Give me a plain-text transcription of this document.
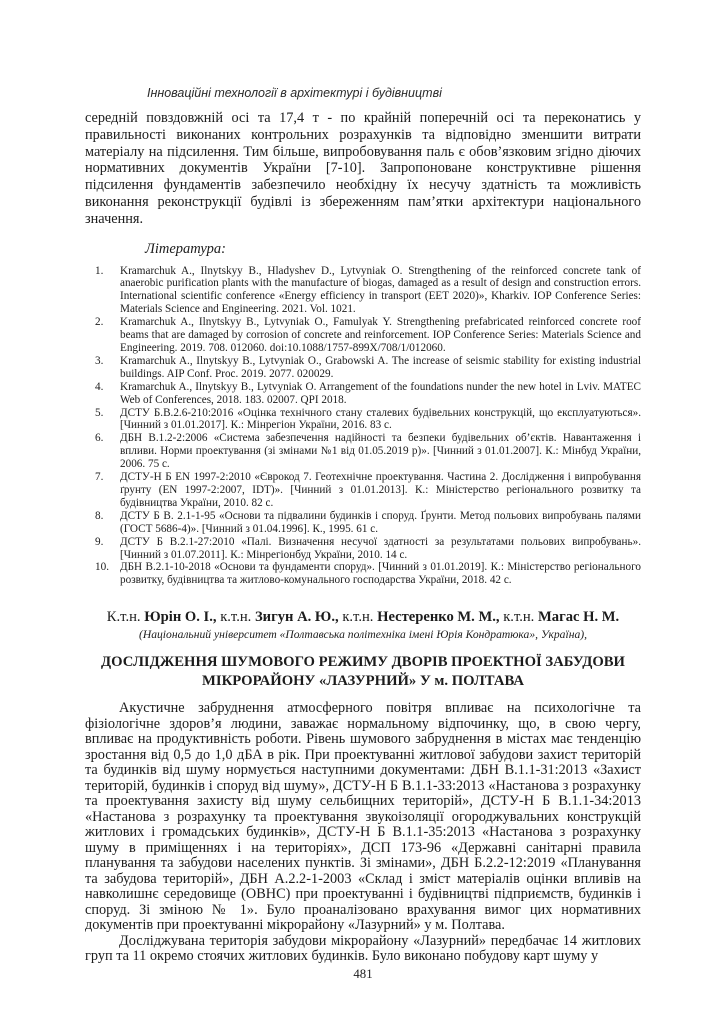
Інноваційні технології в архітектурі і будівництві

середній повздовжній осі та 17,4 т - по крайній поперечній осі та переконатись у правильності виконаних контрольних розрахунків та відповідно зменшити витрати матеріалу на підсилення. Тим більше, випробовування паль є обов’язковим згідно діючих нормативних документів України [7-10]. Запропоноване конструктивне рішення підсилення фундаментів забезпечило необхідну їх несучу здатність та можливість виконання реконструкції будівлі із збереженням пам’ятки архітектури національного значення.

Література:

1.	Kramarchuk A., Ilnytskyy B., Hladyshev D., Lytvyniak O. Strengthening of the reinforced concrete tank of anaerobic purification plants with the manufacture of biogas, damaged as a result of design and construction errors. International scientific conference «Energy efficiency in transport (EET 2020)», Kharkiv. IOP Conference Series: Materials Science and Engineering. 2021. Vol. 1021.
2.	Kramarchuk A., Ilnytskyy B., Lytvyniak O., Famulyak Y. Strengthening prefabricated reinforced concrete roof beams that are damaged by corrosion of concrete and reinforcement. IOP Conference Series: Materials Science and Engineering. 2019. 708. 012060. doi:10.1088/1757-899X/708/1/012060.
3.	Kramarchuk A., Ilnytskyy B., Lytvyniak O., Grabowski A. The increase of seismic stability for existing industrial buildings. AIP Conf. Proc. 2019. 2077. 020029.
4.	Kramarchuk A., Ilnytskyy B., Lytvyniak O. Arrangement of the foundations nunder the new hotel in Lviv. MATEC Web of Conferences, 2018. 183. 02007. QPI 2018.
5.	ДСТУ Б.В.2.6-210:2016 «Оцінка технічного стану сталевих будівельних конструкцій, що експлуатуються». [Чинний з 01.01.2017]. К.: Мінрегіон України, 2016. 83 с.
6.	ДБН В.1.2-2:2006 «Система забезпечення надійності та безпеки будівельних об’єктів. Навантаження і впливи. Норми проектування (зі змінами №1 від 01.05.2019 р)». [Чинний з 01.01.2007]. К.: Мінбуд України, 2006. 75 с.
7.	ДСТУ-Н Б EN 1997-2:2010 «Єврокод 7. Геотехнічне проектування. Частина 2. Дослідження і випробування ґрунту (EN 1997-2:2007, IDT)». [Чинний з 01.01.2013]. К.: Міністерство регіонального розвитку та будівництва України, 2010. 82 с.
8.	ДСТУ Б В. 2.1-1-95 «Основи та підвалини будинків і споруд. Ґрунти. Метод польових випробувань палями (ГОСТ 5686-4)». [Чинний з 01.04.1996]. К., 1995. 61 с.
9.	ДСТУ Б В.2.1-27:2010 «Палі. Визначення несучої здатності за результатами польових випробувань». [Чинний з 01.07.2011]. К.: Мінрегіонбуд України, 2010. 14 с.
10. ДБН В.2.1-10-2018 «Основи та фундаменти споруд». [Чинний з 01.01.2019]. К.: Міністерство регіонального розвитку, будівництва та житлово-комунального господарства України, 2018. 42 с.

К.т.н. Юрін О. І., к.т.н. Зигун А. Ю., к.т.н. Нестеренко М. М., к.т.н. Магас Н. М.

(Національний університет «Полтавська політехніка імені Юрія Кондратюка», Україна),

ДОСЛІДЖЕННЯ ШУМОВОГО РЕЖИМУ ДВОРІВ ПРОЕКТНОЇ ЗАБУДОВИ МІКРОРАЙОНУ «ЛАЗУРНИЙ» У м. ПОЛТАВА

Акустичне забруднення атмосферного повітря впливає на психологічне та фізіологічне здоров’я людини, заважає нормальному відпочинку, що, в свою чергу, впливає на продуктивність роботи. Рівень шумового забруднення в містах має тенденцію зростання від 0,5 до 1,0 дБА в рік. При проектуванні житлової забудови захист територій та будинків від шуму нормується наступними документами: ДБН В.1.1-31:2013 «Захист територій, будинків і споруд від шуму», ДСТУ-Н Б В.1.1-33:2013 «Настанова з розрахунку та проектування захисту від шуму сельбищних територій», ДСТУ-Н Б В.1.1-34:2013 «Настанова з розрахунку та проектування звукоізоляції огороджувальних конструкцій житлових і громадських будинків», ДСТУ-Н Б В.1.1-35:2013 «Настанова з розрахунку шуму в приміщеннях і на територіях», ДСП 173-96 «Державні санітарні правила планування та забудови населених пунктів. Зі змінами», ДБН Б.2.2-12:2019 «Планування та забудова територій», ДБН А.2.2-1-2003 «Склад і зміст матеріалів оцінки впливів на навколишнє середовище (ОВНС) при проектуванні і будівництві підприємств, будинків і споруд. Зі зміною № 1». Було проаналізовано врахування вимог цих нормативних документів при проектуванні мікрорайону «Лазурний» у м. Полтава.

Досліджувана територія забудови мікрорайону «Лазурний» передбачає 14 житлових груп та 11 окремо стоячих житлових будинків. Було виконано побудову карт шуму у

481
